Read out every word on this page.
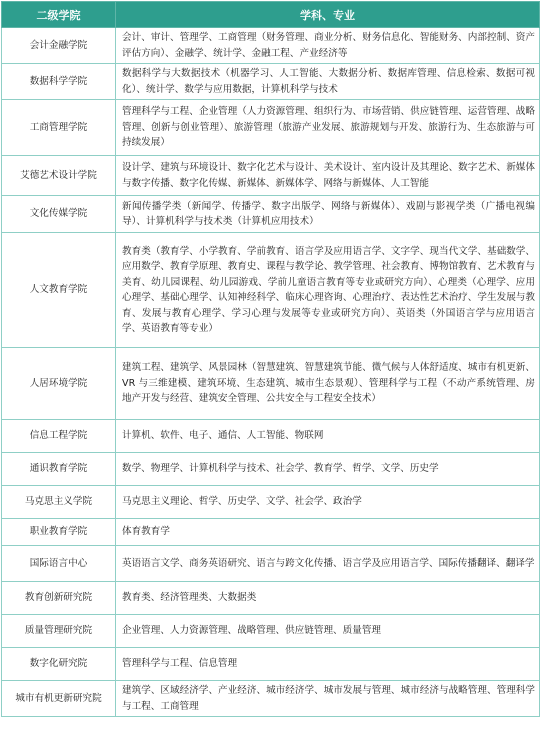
二级学院	学科、专业
会计金融学院	会计、审计、管理学、工商管理（财务管理、商业分析、财务信息化、智能财务、内部控制、资产评估方向）、金融学、统计学、金融工程、产业经济等
数据科学学院	数据科学与大数据技术（机器学习、人工智能、大数据分析、数据库管理、信息检索、数据可视化）、统计学、数学与应用数据，计算机科学与技术
工商管理学院	管理科学与工程、企业管理（人力资源管理、组织行为、市场营销、供应链管理、运营管理、战略管理、创新与创业管理）、旅游管理（旅游产业发展、旅游规划与开发、旅游行为、生态旅游与可持续发展）
艾德艺术设计学院	设计学、建筑与环境设计、数字化艺术与设计、美术设计、室内设计及其理论、数字艺术、新媒体与数字传播、数字化传媒、新媒体、新媒体学、网络与新媒体、人工智能
文化传媒学院	新闻传播学类（新闻学、传播学、数字出版学、网络与新媒体）、戏剧与影视学类（广播电视编导）、计算机科学与技术类（计算机应用技术）
人文教育学院	教育类（教育学、小学教育、学前教育、语言学及应用语言学、文字学、现当代文学、基础数学、应用数学、教育学原理、教育史、课程与教学论、教学管理、社会教育、博物馆教育、艺术教育与美育、幼儿园课程、幼儿园游戏、学前儿童语言教育等专业或研究方向）、心理类（心理学、应用心理学、基础心理学、认知神经科学、临床心理咨询、心理治疗、表达性艺术治疗、学生发展与教育、发展与教育心理学、学习心理与发展等专业或研究方向）、英语类（外国语言学与应用语言学、英语教育等专业）
人居环境学院	建筑工程、建筑学、风景园林（智慧建筑、智慧建筑节能、微气候与人体舒适度、城市有机更新、VR 与三维建模、建筑环境、生态建筑、城市生态景观）、管理科学与工程（不动产系统管理、房地产开发与经营、建筑安全管理、公共安全与工程安全技术）
信息工程学院	计算机、软件、电子、通信、人工智能、物联网
通识教育学院	数学、物理学、计算机科学与技术、社会学、教育学、哲学、文学、历史学
马克思主义学院	马克思主义理论、哲学、历史学、文学、社会学、政治学
职业教育学院	体育教育学
国际语言中心	英语语言文学、商务英语研究、语言与跨文化传播、语言学及应用语言学、国际传播翻译、翻译学
教育创新研究院	教育类、经济管理类、大数据类
质量管理研究院	企业管理、人力资源管理、战略管理、供应链管理、质量管理
数字化研究院	管理科学与工程、信息管理
城市有机更新研究院	建筑学、区域经济学、产业经济、城市经济学、城市发展与管理、城市经济与战略管理、管理科学与工程、工商管理
